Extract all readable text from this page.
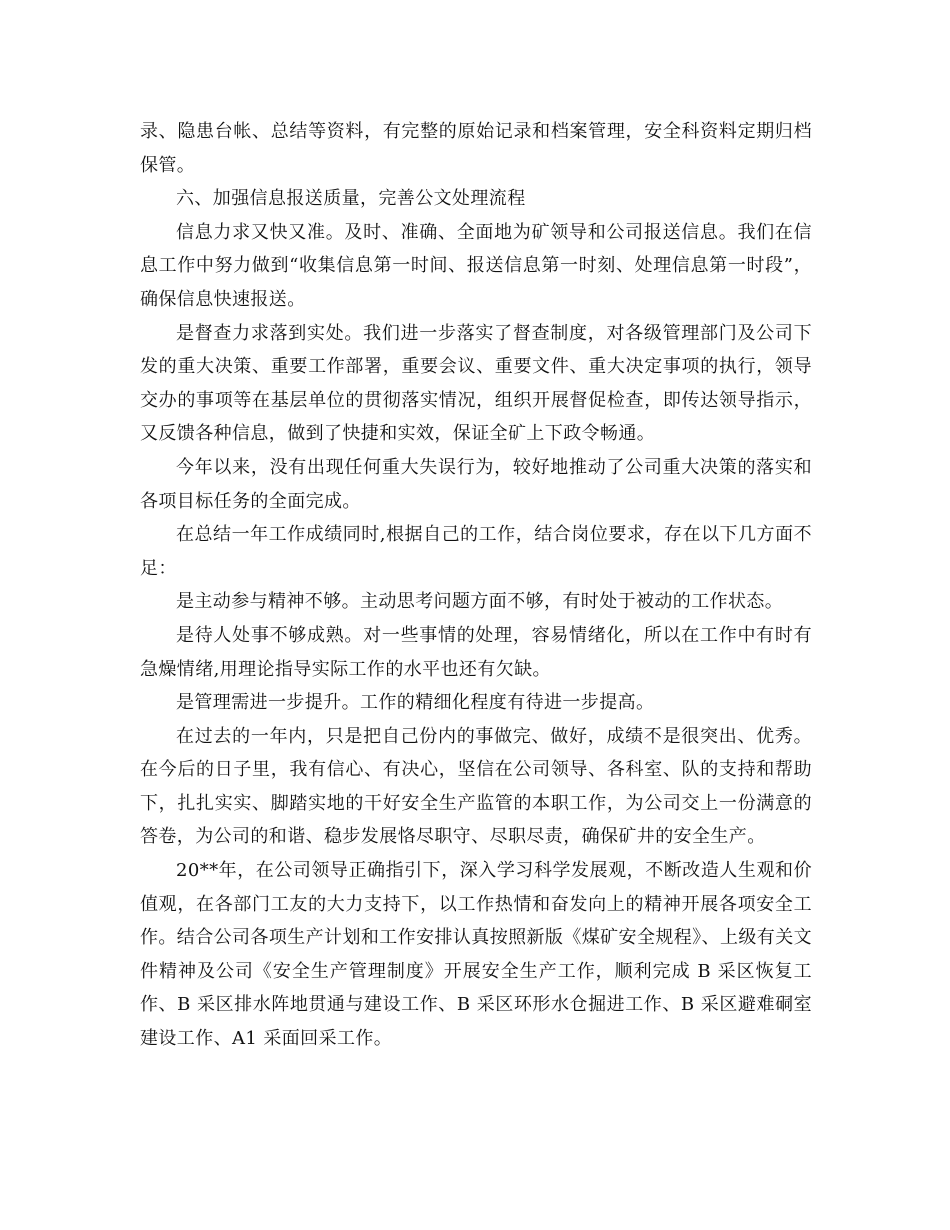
录、隐患台帐、总结等资料，有完整的原始记录和档案管理，安全科资料定期归档保管。

六、加强信息报送质量，完善公文处理流程

信息力求又快又准。及时、准确、全面地为矿领导和公司报送信息。我们在信息工作中努力做到“收集信息第一时间、报送信息第一时刻、处理信息第一时段”，确保信息快速报送。

是督查力求落到实处。我们进一步落实了督查制度，对各级管理部门及公司下发的重大决策、重要工作部署，重要会议、重要文件、重大决定事项的执行，领导交办的事项等在基层单位的贯彻落实情况，组织开展督促检查，即传达领导指示，又反馈各种信息，做到了快捷和实效，保证全矿上下政令畅通。

今年以来，没有出现任何重大失误行为，较好地推动了公司重大决策的落实和各项目标任务的全面完成。

在总结一年工作成绩同时,根据自己的工作，结合岗位要求，存在以下几方面不足：

是主动参与精神不够。主动思考问题方面不够，有时处于被动的工作状态。

是待人处事不够成熟。对一些事情的处理，容易情绪化，所以在工作中有时有急燥情绪,用理论指导实际工作的水平也还有欠缺。

是管理需进一步提升。工作的精细化程度有待进一步提高。

在过去的一年内，只是把自己份内的事做完、做好，成绩不是很突出、优秀。在今后的日子里，我有信心、有决心，坚信在公司领导、各科室、队的支持和帮助下，扎扎实实、脚踏实地的干好安全生产监管的本职工作，为公司交上一份满意的答卷，为公司的和谐、稳步发展恪尽职守、尽职尽责，确保矿井的安全生产。

20**年，在公司领导正确指引下，深入学习科学发展观，不断改造人生观和价值观，在各部门工友的大力支持下，以工作热情和奋发向上的精神开展各项安全工作。结合公司各项生产计划和工作安排认真按照新版《煤矿安全规程》、上级有关文件精神及公司《安全生产管理制度》开展安全生产工作，顺利完成 B 采区恢复工作、B 采区排水阵地贯通与建设工作、B 采区环形水仓掘进工作、B 采区避难硐室建设工作、A1 采面回采工作。
